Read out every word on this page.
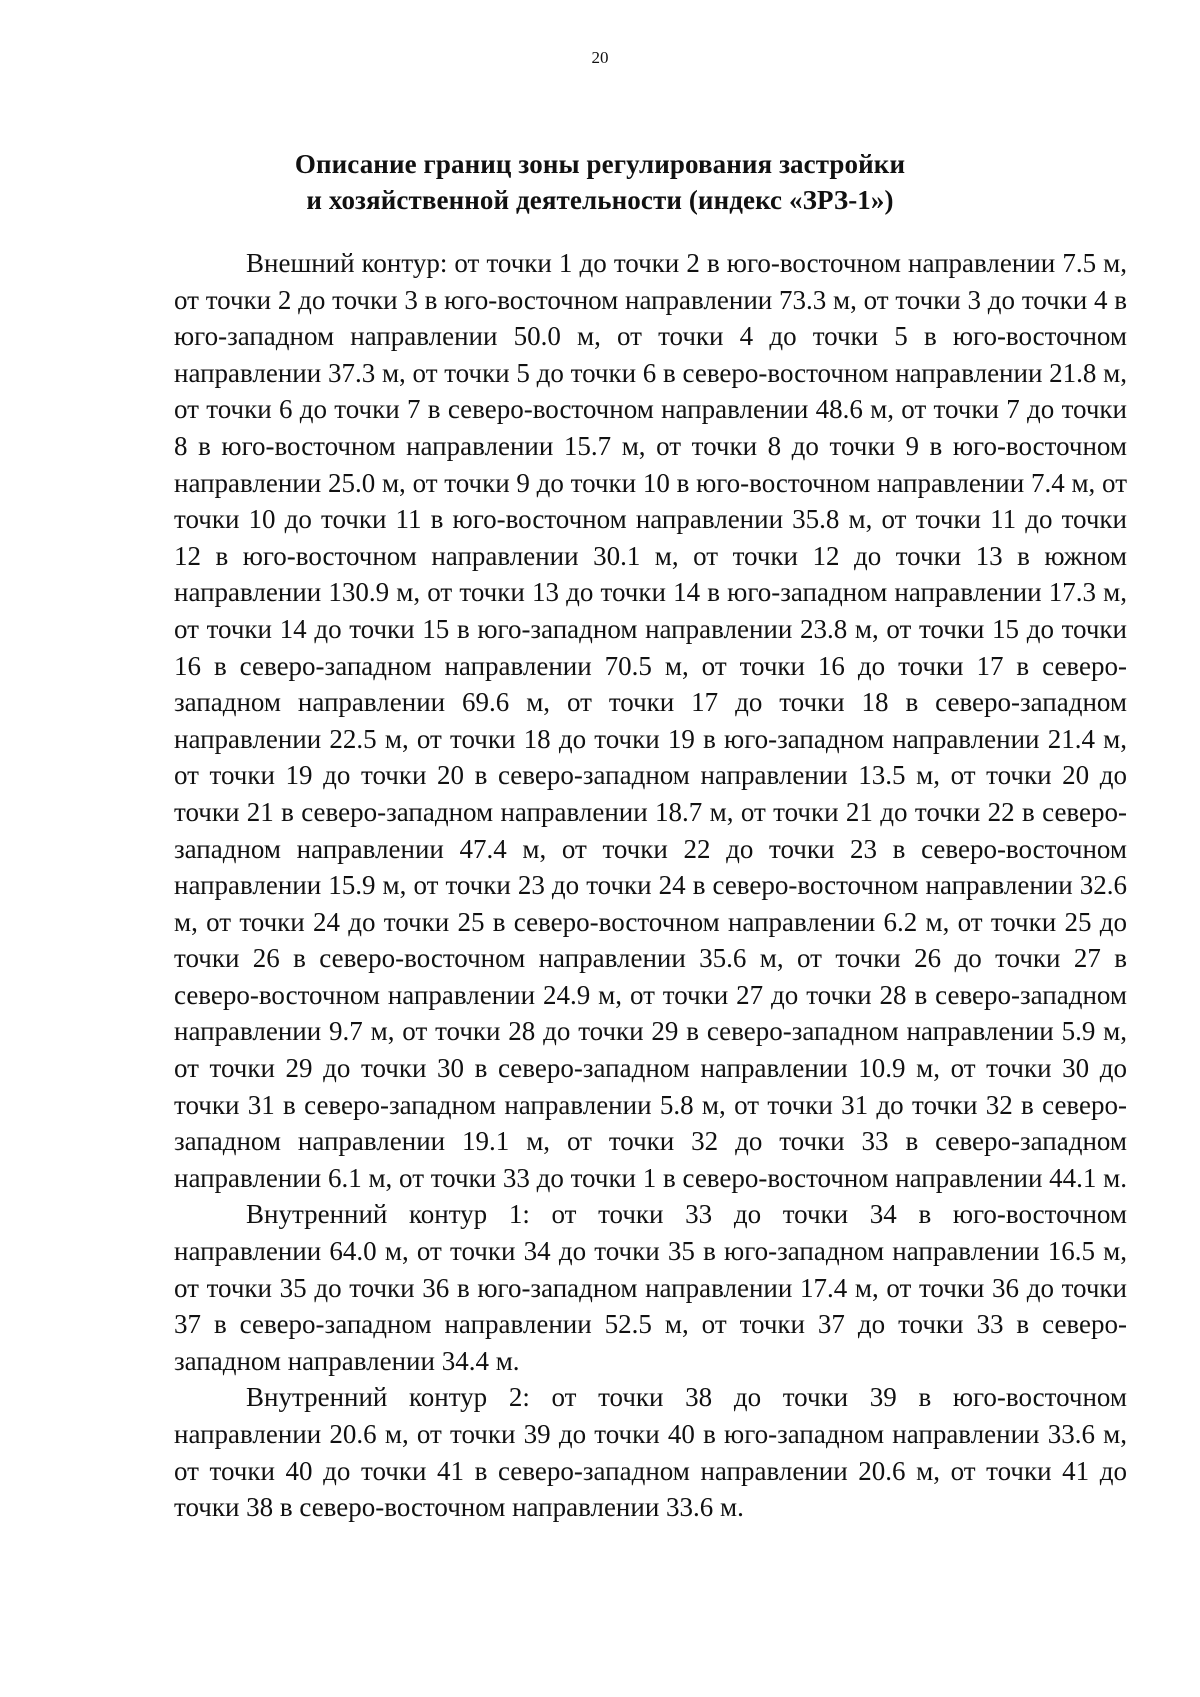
20
Описание границ зоны регулирования застройки
и хозяйственной деятельности (индекс «ЗРЗ-1»)

Внешний контур: от точки 1 до точки 2 в юго-восточном направлении 7.5 м, от точки 2 до точки 3 в юго-восточном направлении 73.3 м, от точки 3 до точки 4 в юго-западном направлении 50.0 м, от точки 4 до точки 5 в юго-восточном направлении 37.3 м, от точки 5 до точки 6 в северо-восточном направлении 21.8 м, от точки 6 до точки 7 в северо-восточном направлении 48.6 м, от точки 7 до точки 8 в юго-восточном направлении 15.7 м, от точки 8 до точки 9 в юго-восточном направлении 25.0 м, от точки 9 до точки 10 в юго-восточном направлении 7.4 м, от точки 10 до точки 11 в юго-восточном направлении 35.8 м, от точки 11 до точки 12 в юго-восточном направлении 30.1 м, от точки 12 до точки 13 в южном направлении 130.9 м, от точки 13 до точки 14 в юго-западном направлении 17.3 м, от точки 14 до точки 15 в юго-западном направлении 23.8 м, от точки 15 до точки 16 в северо-западном направлении 70.5 м, от точки 16 до точки 17 в северо-западном направлении 69.6 м, от точки 17 до точки 18 в северо-западном направлении 22.5 м, от точки 18 до точки 19 в юго-западном направлении 21.4 м, от точки 19 до точки 20 в северо-западном направлении 13.5 м, от точки 20 до точки 21 в северо-западном направлении 18.7 м, от точки 21 до точки 22 в северо-западном направлении 47.4 м, от точки 22 до точки 23 в северо-восточном направлении 15.9 м, от точки 23 до точки 24 в северо-восточном направлении 32.6 м, от точки 24 до точки 25 в северо-восточном направлении 6.2 м, от точки 25 до точки 26 в северо-восточном направлении 35.6 м, от точки 26 до точки 27 в северо-восточном направлении 24.9 м, от точки 27 до точки 28 в северо-западном направлении 9.7 м, от точки 28 до точки 29 в северо-западном направлении 5.9 м, от точки 29 до точки 30 в северо-западном направлении 10.9 м, от точки 30 до точки 31 в северо-западном направлении 5.8 м, от точки 31 до точки 32 в северо-западном направлении 19.1 м, от точки 32 до точки 33 в северо-западном направлении 6.1 м, от точки 33 до точки 1 в северо-восточном направлении 44.1 м.

Внутренний контур 1: от точки 33 до точки 34 в юго-восточном направлении 64.0 м, от точки 34 до точки 35 в юго-западном направлении 16.5 м, от точки 35 до точки 36 в юго-западном направлении 17.4 м, от точки 36 до точки 37 в северо-западном направлении 52.5 м, от точки 37 до точки 33 в северо-западном направлении 34.4 м.

Внутренний контур 2: от точки 38 до точки 39 в юго-восточном направлении 20.6 м, от точки 39 до точки 40 в юго-западном направлении 33.6 м, от точки 40 до точки 41 в северо-западном направлении 20.6 м, от точки 41 до точки 38 в северо-восточном направлении 33.6 м.
